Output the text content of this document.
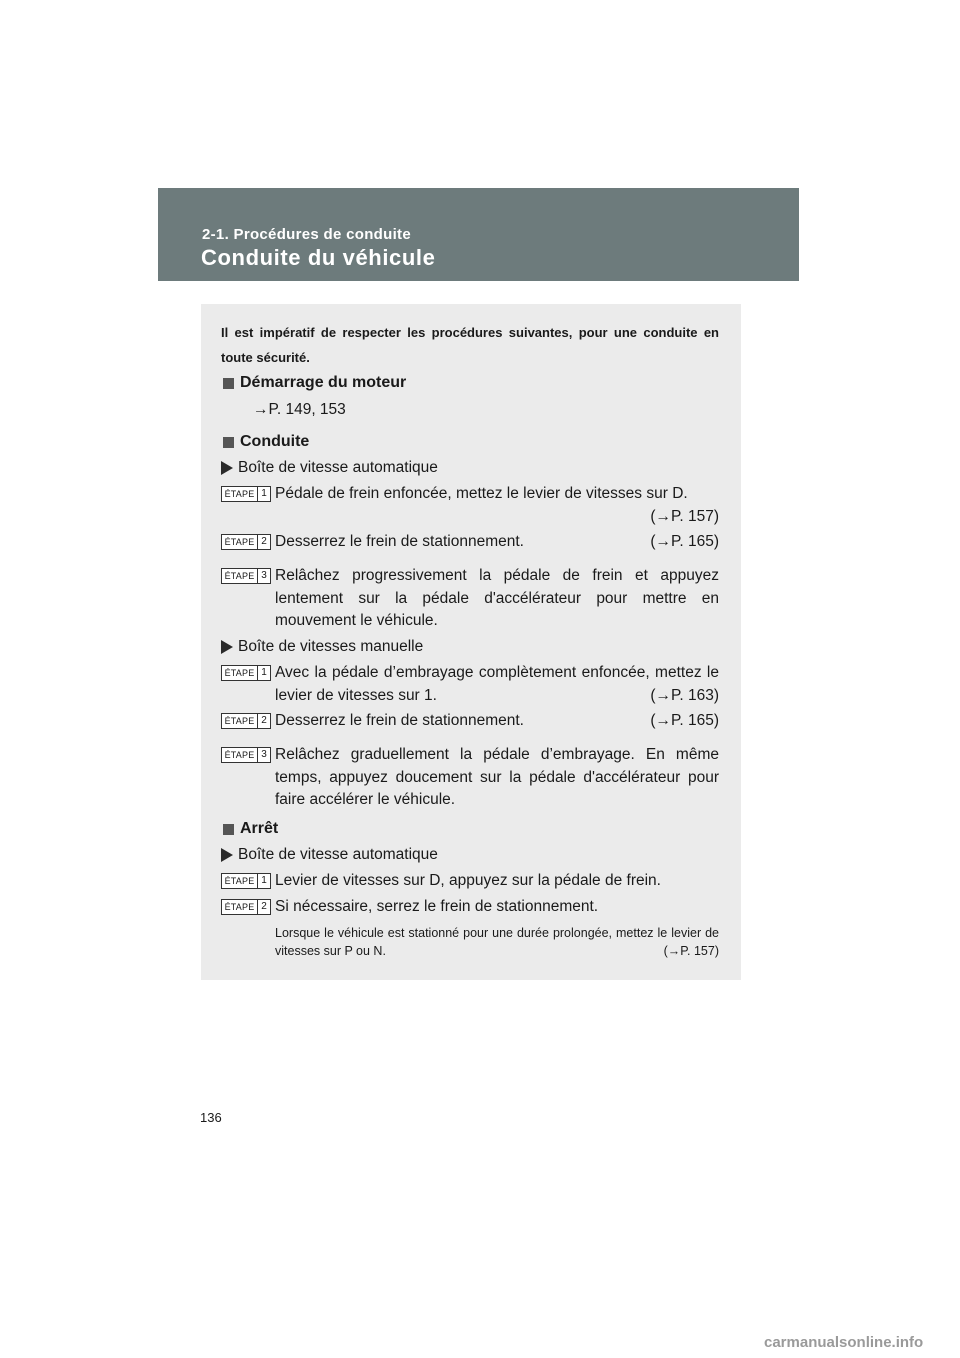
2-1. Procédures de conduite
Conduite du véhicule
Il est impératif de respecter les procédures suivantes, pour une conduite en toute sécurité.
Démarrage du moteur
→P. 149, 153
Conduite
Boîte de vitesse automatique
ÉTAPE 1 Pédale de frein enfoncée, mettez le levier de vitesses sur D.
(→P. 157)
ÉTAPE 2 Desserrez le frein de stationnement.	(→P. 165)
ÉTAPE 3 Relâchez progressivement la pédale de frein et appuyez lentement sur la pédale d'accélérateur pour mettre en mouvement le véhicule.
Boîte de vitesses manuelle
ÉTAPE 1 Avec la pédale d’embrayage complètement enfoncée, mettez le levier de vitesses sur 1.	(→P. 163)
ÉTAPE 2 Desserrez le frein de stationnement.	(→P. 165)
ÉTAPE 3 Relâchez graduellement la pédale d’embrayage. En même temps, appuyez doucement sur la pédale d'accélérateur pour faire accélérer le véhicule.
Arrêt
Boîte de vitesse automatique
ÉTAPE 1 Levier de vitesses sur D, appuyez sur la pédale de frein.
ÉTAPE 2 Si nécessaire, serrez le frein de stationnement.
Lorsque le véhicule est stationné pour une durée prolongée, mettez le levier de vitesses sur P ou N.	(→P. 157)
136
carmanualsonline.info
